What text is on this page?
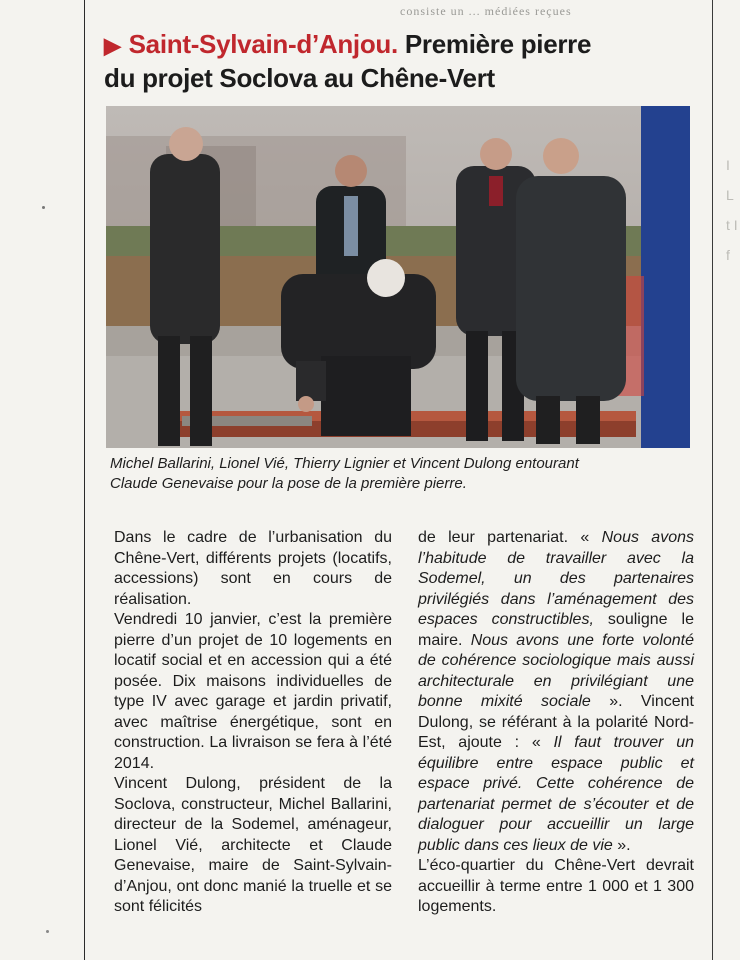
consiste un ... médiées reçues
I L t I f
▶ Saint-Sylvain-d’Anjou. Première pierre
du projet Soclova au Chêne-Vert
Michel Ballarini, Lionel Vié, Thierry Lignier et Vincent Dulong entourant
Claude Genevaise pour la pose de la première pierre.

Dans le cadre de l’urbanisation du Chêne-Vert, différents projets (locatifs, accessions) sont en cours de réalisation.

Vendredi 10 janvier, c’est la première pierre d’un projet de 10 logements en locatif social et en accession qui a été posée. Dix maisons individuelles de type IV avec garage et jardin privatif, avec maîtrise énergétique, sont en construction. La livraison se fera à l’été 2014.

Vincent Dulong, président de la Soclova, constructeur, Michel Ballarini, directeur de la Sodemel, aménageur, Lionel Vié, architecte et Claude Genevaise, maire de Saint-Sylvain-d’Anjou, ont donc manié la truelle et se sont félicités

de leur partenariat. « Nous avons l’habitude de travailler avec la Sodemel, un des partenaires privilégiés dans l’aménagement des espaces constructibles, souligne le maire. Nous avons une forte volonté de cohérence sociologique mais aussi architecturale en privilégiant une bonne mixité sociale ». Vincent Dulong, se référant à la polarité Nord-Est, ajoute : « Il faut trouver un équilibre entre espace public et espace privé. Cette cohérence de partenariat permet de s’écouter et de dialoguer pour accueillir un large public dans ces lieux de vie ».

L’éco-quartier du Chêne-Vert devrait accueillir à terme entre 1 000 et 1 300 logements.
